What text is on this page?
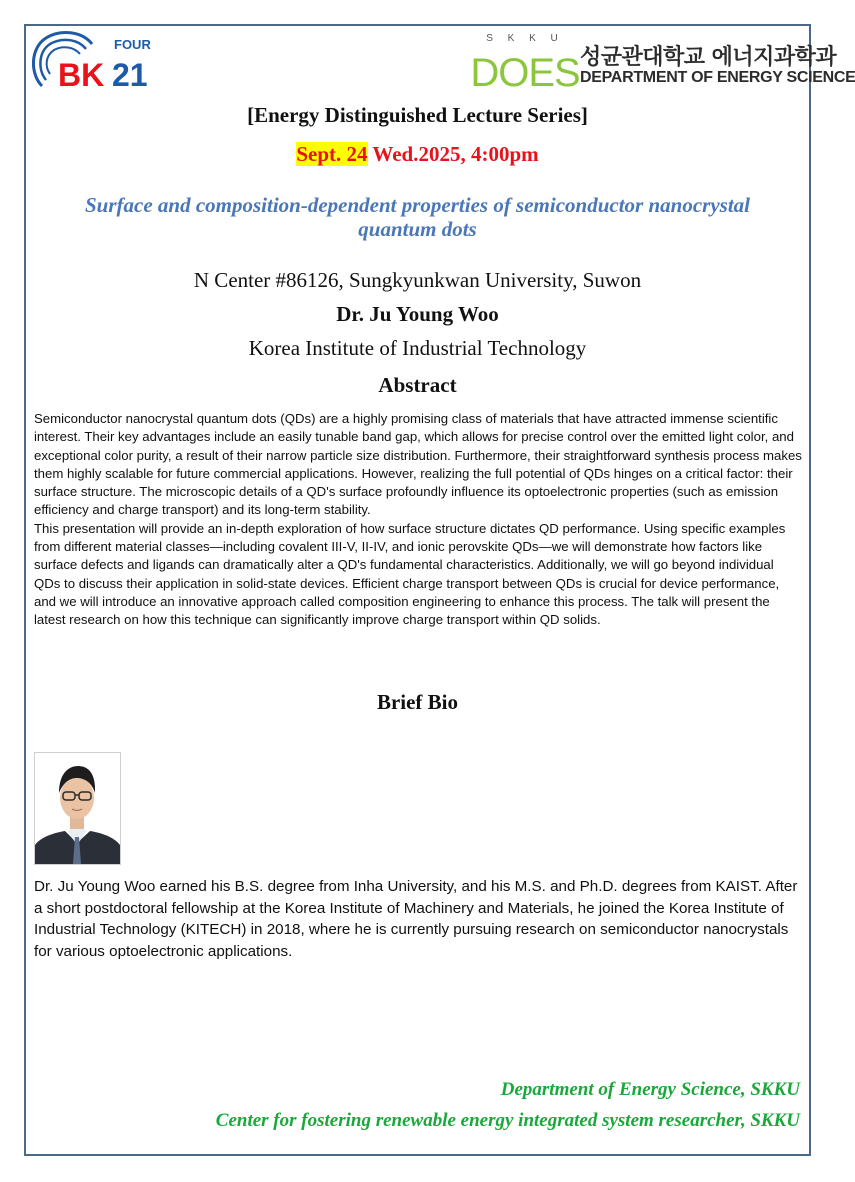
FOUR
BK 21
S K K U
DOES 성균관대학교 에너지과학과
DEPARTMENT OF ENERGY SCIENCE
[Energy Distinguished Lecture Series]
Sept. 24 Wed.2025, 4:00pm
Surface and composition-dependent properties of semiconductor nanocrystal quantum dots
N Center #86126, Sungkyunkwan University, Suwon
Dr. Ju Young Woo
Korea Institute of Industrial Technology
Abstract

Semiconductor nanocrystal quantum dots (QDs) are a highly promising class of materials that have attracted immense scientific interest. Their key advantages include an easily tunable band gap, which allows for precise control over the emitted light color, and exceptional color purity, a result of their narrow particle size distribution. Furthermore, their straightforward synthesis process makes them highly scalable for future commercial applications. However, realizing the full potential of QDs hinges on a critical factor: their surface structure. The microscopic details of a QD's surface profoundly influence its optoelectronic properties (such as emission efficiency and charge transport) and its long-term stability.

This presentation will provide an in-depth exploration of how surface structure dictates QD performance. Using specific examples from different material classes—including covalent III-V, II-IV, and ionic perovskite QDs—we will demonstrate how factors like surface defects and ligands can dramatically alter a QD's fundamental characteristics. Additionally, we will go beyond individual QDs to discuss their application in solid-state devices. Efficient charge transport between QDs is crucial for device performance, and we will introduce an innovative approach called composition engineering to enhance this process. The talk will present the latest research on how this technique can significantly improve charge transport within QD solids.

Brief Bio
Dr. Ju Young Woo earned his B.S. degree from Inha University, and his M.S. and Ph.D. degrees from KAIST. After a short postdoctoral fellowship at the Korea Institute of Machinery and Materials, he joined the Korea Institute of Industrial Technology (KITECH) in 2018, where he is currently pursuing research on semiconductor nanocrystals for various optoelectronic applications.
Department of Energy Science, SKKU
Center for fostering renewable energy integrated system researcher, SKKU
